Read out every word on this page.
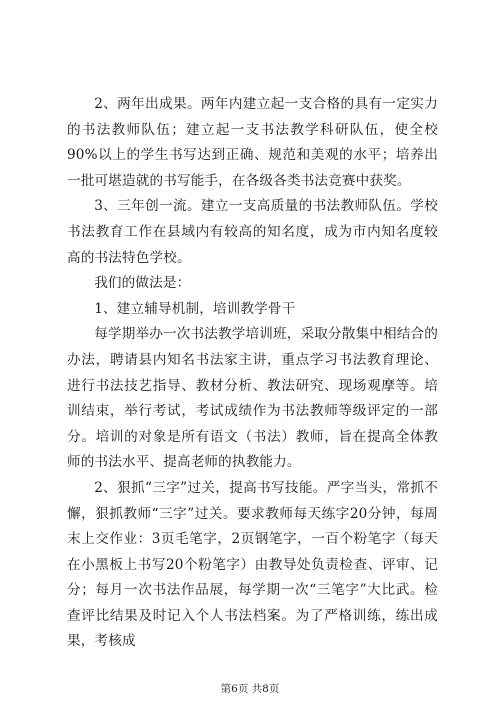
2、两年出成果。两年内建立起一支合格的具有一定实力的书法教师队伍；建立起一支书法教学科研队伍，使全校90%以上的学生书写达到正确、规范和美观的水平；培养出一批可堪造就的书写能手，在各级各类书法竞赛中获奖。

3、三年创一流。建立一支高质量的书法教师队伍。学校书法教育工作在县域内有较高的知名度，成为市内知名度较高的书法特色学校。

我们的做法是：

1、建立辅导机制，培训教学骨干

每学期举办一次书法教学培训班，采取分散集中相结合的办法，聘请县内知名书法家主讲，重点学习书法教育理论、进行书法技艺指导、教材分析、教法研究、现场观摩等。培训结束，举行考试，考试成绩作为书法教师等级评定的一部分。培训的对象是所有语文（书法）教师，旨在提高全体教师的书法水平、提高老师的执教能力。

2、狠抓“三字”过关，提高书写技能。严字当头，常抓不懈，狠抓教师“三字”过关。要求教师每天练字20分钟，每周末上交作业：3页毛笔字，2页钢笔字，一百个粉笔字（每天在小黑板上书写20个粉笔字）由教导处负责检查、评审、记分；每月一次书法作品展，每学期一次“三笔字”大比武。检查评比结果及时记入个人书法档案。为了严格训练，练出成果，考核成

第6页 共8页
